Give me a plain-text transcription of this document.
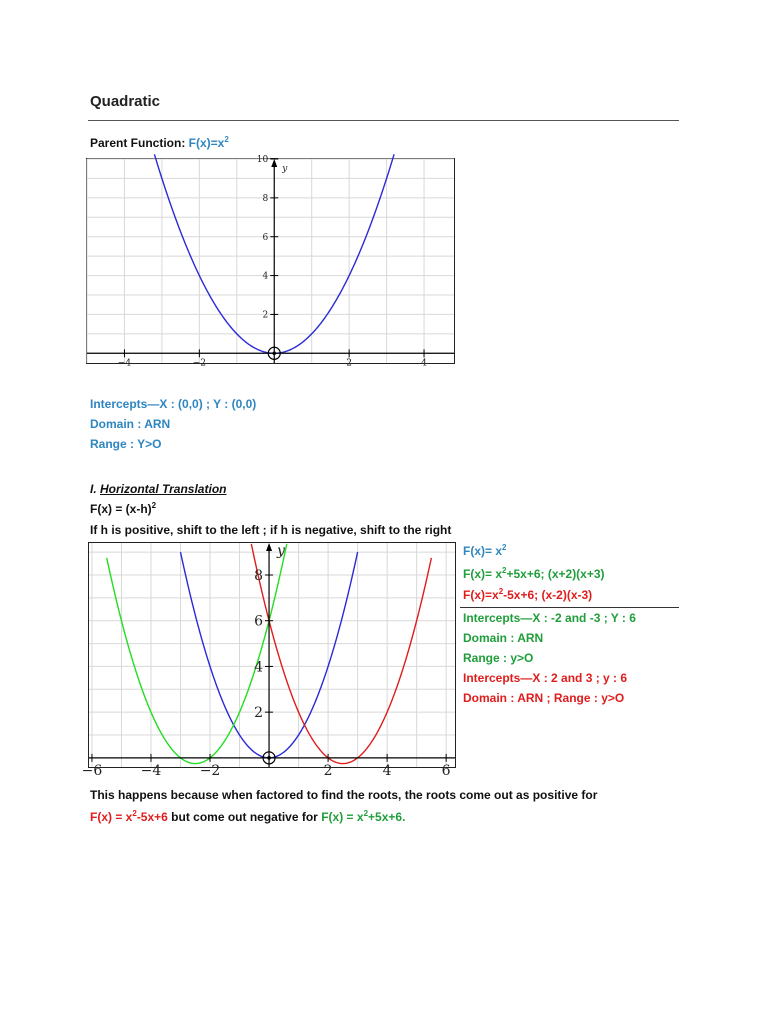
Quadratic
Parent Function: $F(x)=x^2$
−4	−2	2	4
2
4
6
8
10
y
Intercepts—X : (0,0) ; Y : (0,0)
Domain : ARN
Range : Y>O
I. Horizontal Translation
$F(x) = (x-h)^2$
If h is positive, shift to the left ; if h is negative, shift to the right
−6	−4	−2	2	4	6
2
4
6
8
y	$F(x)= x^2$
$F(x)= x^2+5x+6$; (x+2)(x+3)
$F(x)=x^2-5x+6$; (x-2)(x-3)
Intercepts—X : -2 and -3 ; Y : 6
Domain : ARN
Range : y>O
Intercepts—X : 2 and 3 ; y : 6
Domain : ARN ; Range : y>O
This happens because when factored to find the roots, the roots come out as positive for
$F(x) = x^2-5x+6$ but come out negative for $F(x) = x^2+5x+6$.
